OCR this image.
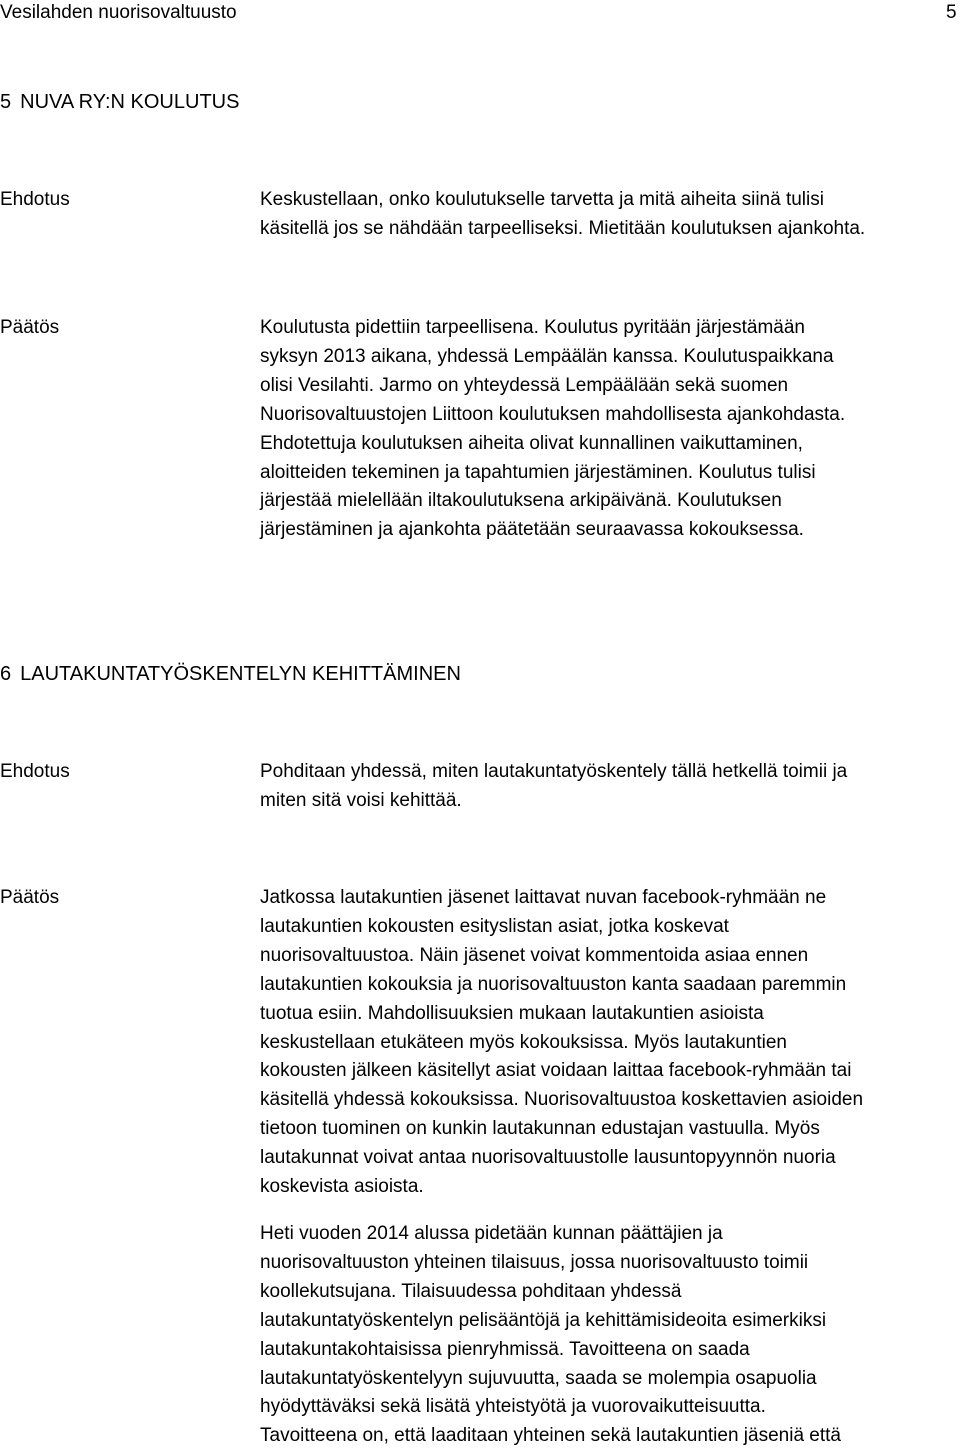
Vesilahden nuorisovaltuusto	5
5 NUVA RY:N KOULUTUS
Ehdotus	Keskustellaan, onko koulutukselle tarvetta ja mitä aiheita siinä tulisi
käsitellä jos se nähdään tarpeelliseksi. Mietitään koulutuksen ajankohta.
Päätös	Koulutusta pidettiin tarpeellisena. Koulutus pyritään järjestämään
syksyn 2013 aikana, yhdessä Lempäälän kanssa. Koulutuspaikkana
olisi Vesilahti. Jarmo on yhteydessä Lempäälään sekä suomen
Nuorisovaltuustojen Liittoon koulutuksen mahdollisesta ajankohdasta.
Ehdotettuja koulutuksen aiheita olivat kunnallinen vaikuttaminen,
aloitteiden tekeminen ja tapahtumien järjestäminen. Koulutus tulisi
järjestää mielellään iltakoulutuksena arkipäivänä. Koulutuksen
järjestäminen ja ajankohta päätetään seuraavassa kokouksessa.
6 LAUTAKUNTATYÖSKENTELYN KEHITTÄMINEN
Ehdotus	Pohditaan yhdessä, miten lautakuntatyöskentely tällä hetkellä toimii ja
miten sitä voisi kehittää.
Päätös	Jatkossa lautakuntien jäsenet laittavat nuvan facebook-ryhmään ne
lautakuntien kokousten esityslistan asiat, jotka koskevat
nuorisovaltuustoa. Näin jäsenet voivat kommentoida asiaa ennen
lautakuntien kokouksia ja nuorisovaltuuston kanta saadaan paremmin
tuotua esiin. Mahdollisuuksien mukaan lautakuntien asioista
keskustellaan etukäteen myös kokouksissa. Myös lautakuntien
kokousten jälkeen käsitellyt asiat voidaan laittaa facebook-ryhmään tai
käsitellä yhdessä kokouksissa. Nuorisovaltuustoa koskettavien asioiden
tietoon tuominen on kunkin lautakunnan edustajan vastuulla. Myös
lautakunnat voivat antaa nuorisovaltuustolle lausuntopyynnön nuoria
koskevista asioista.
Heti vuoden 2014 alussa pidetään kunnan päättäjien ja
nuorisovaltuuston yhteinen tilaisuus, jossa nuorisovaltuusto toimii
koollekutsujana. Tilaisuudessa pohditaan yhdessä
lautakuntatyöskentelyn pelisääntöjä ja kehittämisideoita esimerkiksi
lautakuntakohtaisissa pienryhmissä. Tavoitteena on saada
lautakuntatyöskentelyyn sujuvuutta, saada se molempia osapuolia
hyödyttäväksi sekä lisätä yhteistyötä ja vuorovaikutteisuutta.
Tavoitteena on, että laaditaan yhteinen sekä lautakuntien jäseniä että
